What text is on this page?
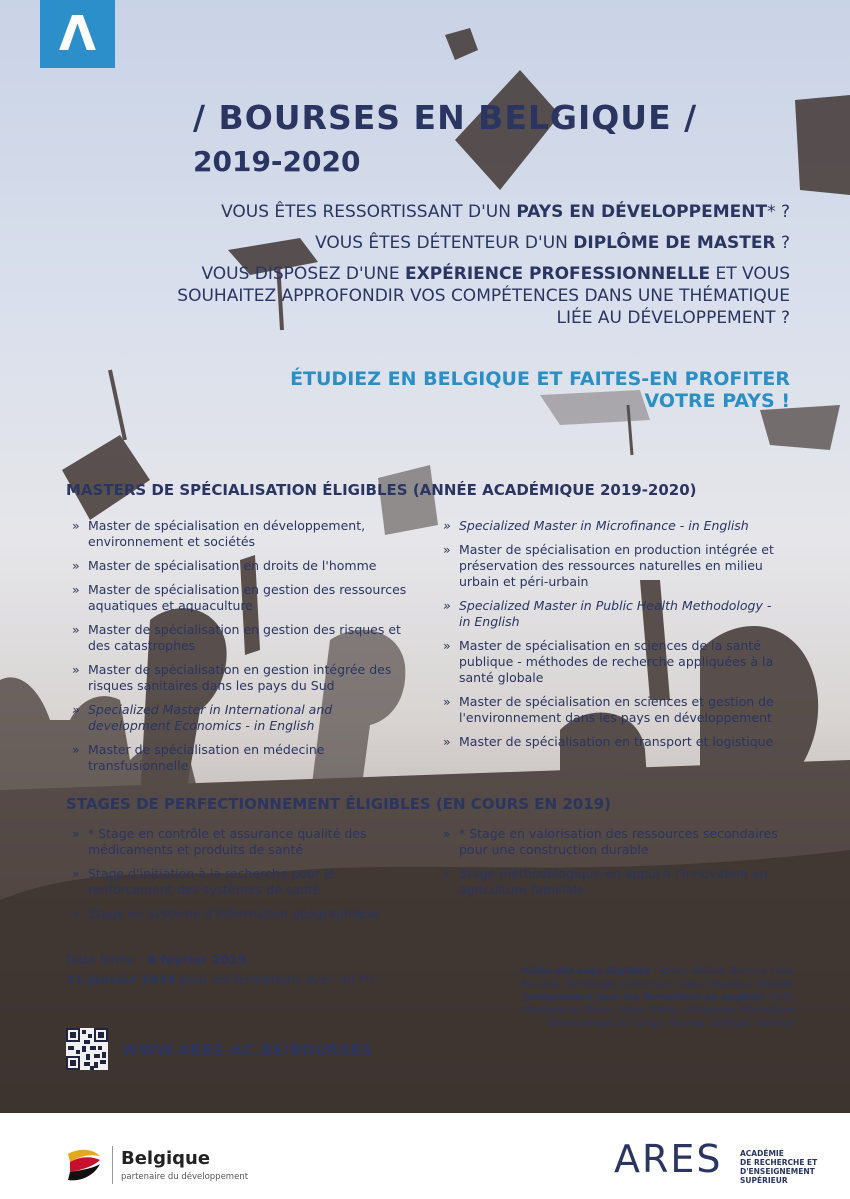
Λ
/ BOURSES EN BELGIQUE /
2019-2020

VOUS ÊTES RESSORTISSANT D'UN PAYS EN DÉVELOPPEMENT* ?

VOUS ÊTES DÉTENTEUR D'UN DIPLÔME DE MASTER ?

VOUS DISPOSEZ D'UNE EXPÉRIENCE PROFESSIONNELLE ET VOUS SOUHAITEZ APPROFONDIR VOS COMPÉTENCES DANS UNE THÉMATIQUE LIÉE AU DÉVELOPPEMENT ?

ÉTUDIEZ EN BELGIQUE ET FAITES-EN PROFITER
VOTRE PAYS !
MASTERS DE SPÉCIALISATION ÉLIGIBLES (ANNÉE ACADÉMIQUE 2019-2020)
» Master de spécialisation en développement, environnement et sociétés
» Master de spécialisation en droits de l'homme
» Master de spécialisation en gestion des ressources aquatiques et aquaculture
» Master de spécialisation en gestion des risques et des catastrophes
» Master de spécialisation en gestion intégrée des risques sanitaires dans les pays du Sud
» Specialized Master in International and development Economics - in English
» Master de spécialisation en médecine transfusionnelle
» Specialized Master in Microfinance - in English
» Master de spécialisation en production intégrée et préservation des ressources naturelles en milieu urbain et péri-urbain
» Specialized Master in Public Health Methodology - in English
» Master de spécialisation en sciences de la santé publique - méthodes de recherche appliquées à la santé globale
» Master de spécialisation en sciences et gestion de l'environnement dans les pays en développement
» Master de spécialisation en transport et logistique
STAGES DE PERFECTIONNEMENT ÉLIGIBLES (EN COURS EN 2019)
» * Stage en contrôle et assurance qualité des médicaments et produits de santé
» Stage d'initiation à la recherche pour le renforcement des systèmes de santé
» Stage en système d'information géographique
» * Stage en valorisation des ressources secondaires pour une construction durable
» Stage méthodologique en appui à l'innovation en agriculture familiale
Date limite : 8 février 2019.
11 janvier 2019 pour les formations avec un (*).
*Liste des pays éligibles : Benin, Bolivie, Burkina Faso, Burundi, Cambodge, Cameroun, Cuba, Equateur, Ethiopie (uniquement pour les formations en anglais), Haïti, Madagascar, Maroc, Niger, Pérou, Philippines, République Démocratique du Congo, Ruanda, Sénégal, Vietnam
WWW.ARES-AC.BE/BOURSES
Belgique
partenaire du développement	ARES ACADÉMIE
DE RECHERCHE ET
D'ENSEIGNEMENT
SUPÉRIEUR
